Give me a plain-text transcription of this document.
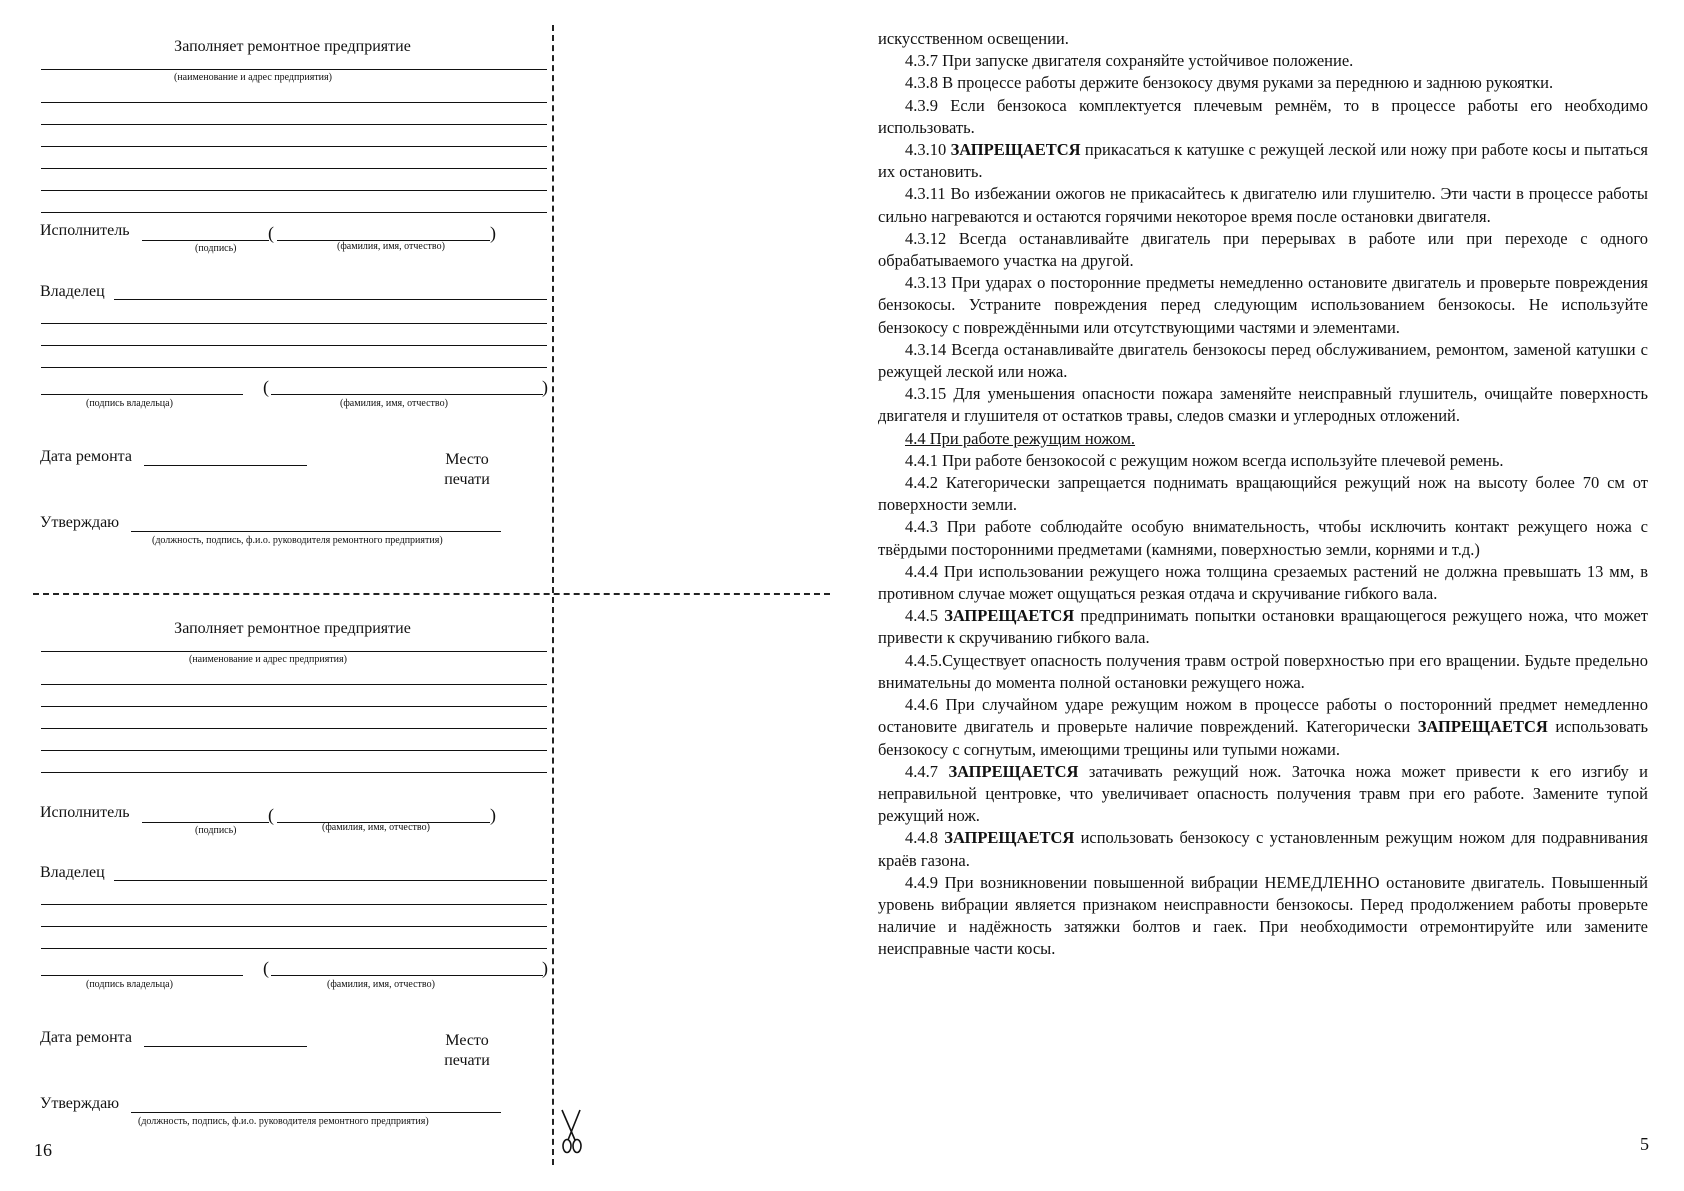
Заполняет ремонтное предприятие
(наименование и адрес предприятия)
Исполнитель	(	)
(подпись)	(фамилия, имя, отчество)
Владелец
(	)
(подпись владельца)	(фамилия, имя, отчество)
Дата ремонта	Место
печати
Утверждаю
(должность, подпись, ф.и.о. руководителя ремонтного предприятия)
Заполняет ремонтное предприятие
(наименование и адрес предприятия)
Исполнитель	(	)
(подпись)	(фамилия, имя, отчество)
Владелец
(	)
(подпись владельца)	(фамилия, имя, отчество)
Дата ремонта	Место
печати
Утверждаю
(должность, подпись, ф.и.о. руководителя ремонтного предприятия)
16

искусственном освещении.

4.3.7 При запуске двигателя сохраняйте устойчивое положение.

4.3.8 В процессе работы держите бензокосу двумя руками за переднюю и заднюю рукоятки.

4.3.9 Если бензокоса комплектуется плечевым ремнём, то в процессе работы его необходимо использовать.

4.3.10 ЗАПРЕЩАЕТСЯ прикасаться к катушке с режущей леской или ножу при работе косы и пытаться их остановить.

4.3.11 Во избежании ожогов не прикасайтесь к двигателю или глушителю. Эти части в процессе работы сильно нагреваются и остаются горячими некоторое время после остановки двигателя.

4.3.12 Всегда останавливайте двигатель при перерывах в работе или при переходе с одного обрабатываемого участка на другой.

4.3.13 При ударах о посторонние предметы немедленно остановите двигатель и проверьте повреждения бензокосы. Устраните повреждения перед следующим использованием бензокосы. Не используйте бензокосу с повреждёнными или отсутствующими частями и элементами.

4.3.14 Всегда останавливайте двигатель бензокосы перед обслуживанием, ремонтом, заменой катушки с режущей леской или ножа.

4.3.15 Для уменьшения опасности пожара заменяйте неисправный глушитель, очищайте поверхность двигателя и глушителя от остатков травы, следов смазки и углеродных отложений.

4.4 При работе режущим ножом.

4.4.1 При работе бензокосой с режущим ножом всегда используйте плечевой ремень.

4.4.2 Категорически запрещается поднимать вращающийся режущий нож на высоту более 70 см от поверхности земли.

4.4.3 При работе соблюдайте особую внимательность, чтобы исключить контакт режущего ножа с твёрдыми посторонними предметами (камнями, поверхностью земли, корнями и т.д.)

4.4.4 При использовании режущего ножа толщина срезаемых растений не должна превышать 13 мм, в противном случае может ощущаться резкая отдача и скручивание гибкого вала.

4.4.5 ЗАПРЕЩАЕТСЯ предпринимать попытки остановки вращающегося режущего ножа, что может привести к скручиванию гибкого вала.

4.4.5.Существует опасность получения травм острой поверхностью при его вращении. Будьте предельно внимательны до момента полной остановки режущего ножа.

4.4.6 При случайном ударе режущим ножом в процессе работы о посторонний предмет немедленно остановите двигатель и проверьте наличие повреждений. Категорически ЗАПРЕЩАЕТСЯ использовать бензокосу с согнутым, имеющими трещины или тупыми ножами.

4.4.7 ЗАПРЕЩАЕТСЯ затачивать режущий нож. Заточка ножа может привести к его изгибу и неправильной центровке, что увеличивает опасность получения травм при его работе. Замените тупой режущий нож.

4.4.8 ЗАПРЕЩАЕТСЯ использовать бензокосу с установленным режущим ножом для подравнивания краёв газона.

4.4.9 При возникновении повышенной вибрации НЕМЕДЛЕННО остановите двигатель. Повышенный уровень вибрации является признаком неисправности бензокосы. Перед продолжением работы проверьте наличие и надёжность затяжки болтов и гаек. При необходимости отремонтируйте или замените неисправные части косы.

5
